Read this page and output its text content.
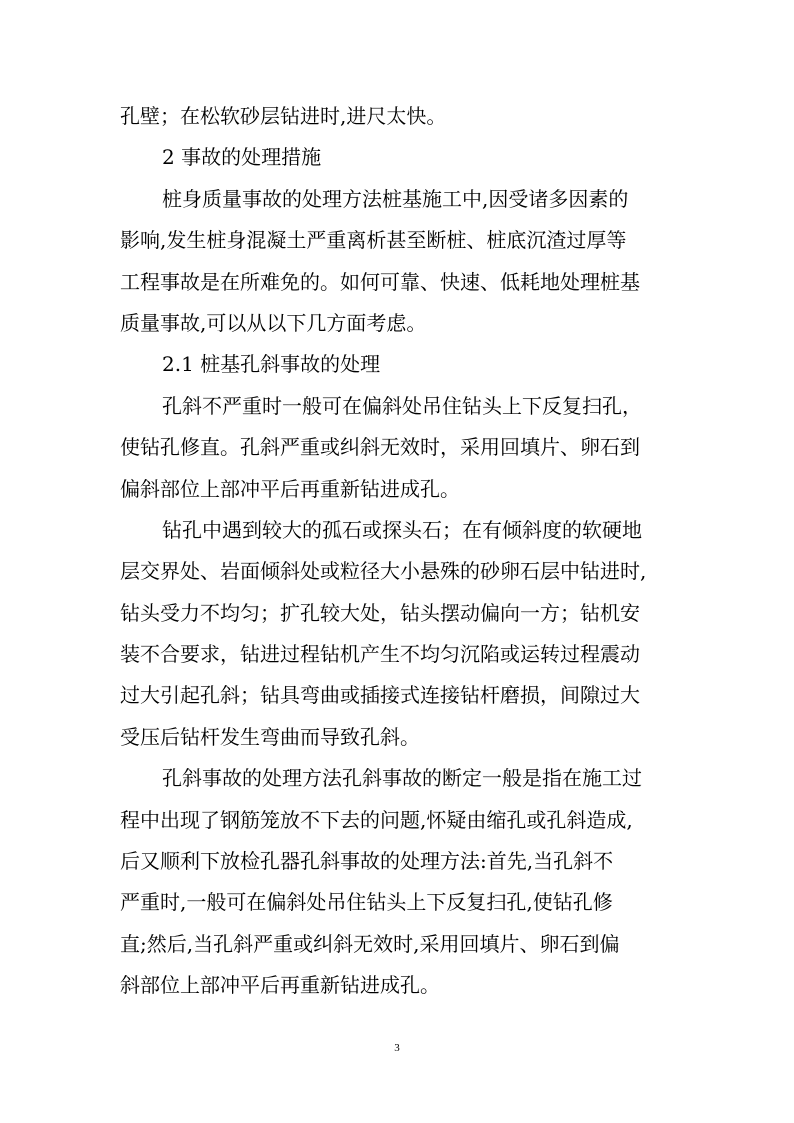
孔壁；在松软砂层钻进时,进尺太快。
2 事故的处理措施
桩身质量事故的处理方法桩基施工中,因受诸多因素的
影响,发生桩身混凝土严重离析甚至断桩、桩底沉渣过厚等
工程事故是在所难免的。如何可靠、快速、低耗地处理桩基
质量事故,可以从以下几方面考虑。
2.1 桩基孔斜事故的处理
孔斜不严重时一般可在偏斜处吊住钻头上下反复扫孔，
使钻孔修直。孔斜严重或纠斜无效时，采用回填片、卵石到
偏斜部位上部冲平后再重新钻进成孔。
钻孔中遇到较大的孤石或探头石；在有倾斜度的软硬地
层交界处、岩面倾斜处或粒径大小悬殊的砂卵石层中钻进时,
钻头受力不均匀；扩孔较大处，钻头摆动偏向一方；钻机安
装不合要求，钻进过程钻机产生不均匀沉陷或运转过程震动
过大引起孔斜；钻具弯曲或插接式连接钻杆磨损，间隙过大
受压后钻杆发生弯曲而导致孔斜。
孔斜事故的处理方法孔斜事故的断定一般是指在施工过
程中出现了钢筋笼放不下去的问题,怀疑由缩孔或孔斜造成,
后又顺利下放检孔器孔斜事故的处理方法:首先,当孔斜不
严重时,一般可在偏斜处吊住钻头上下反复扫孔,使钻孔修
直;然后,当孔斜严重或纠斜无效时,采用回填片、卵石到偏
斜部位上部冲平后再重新钻进成孔。
3
